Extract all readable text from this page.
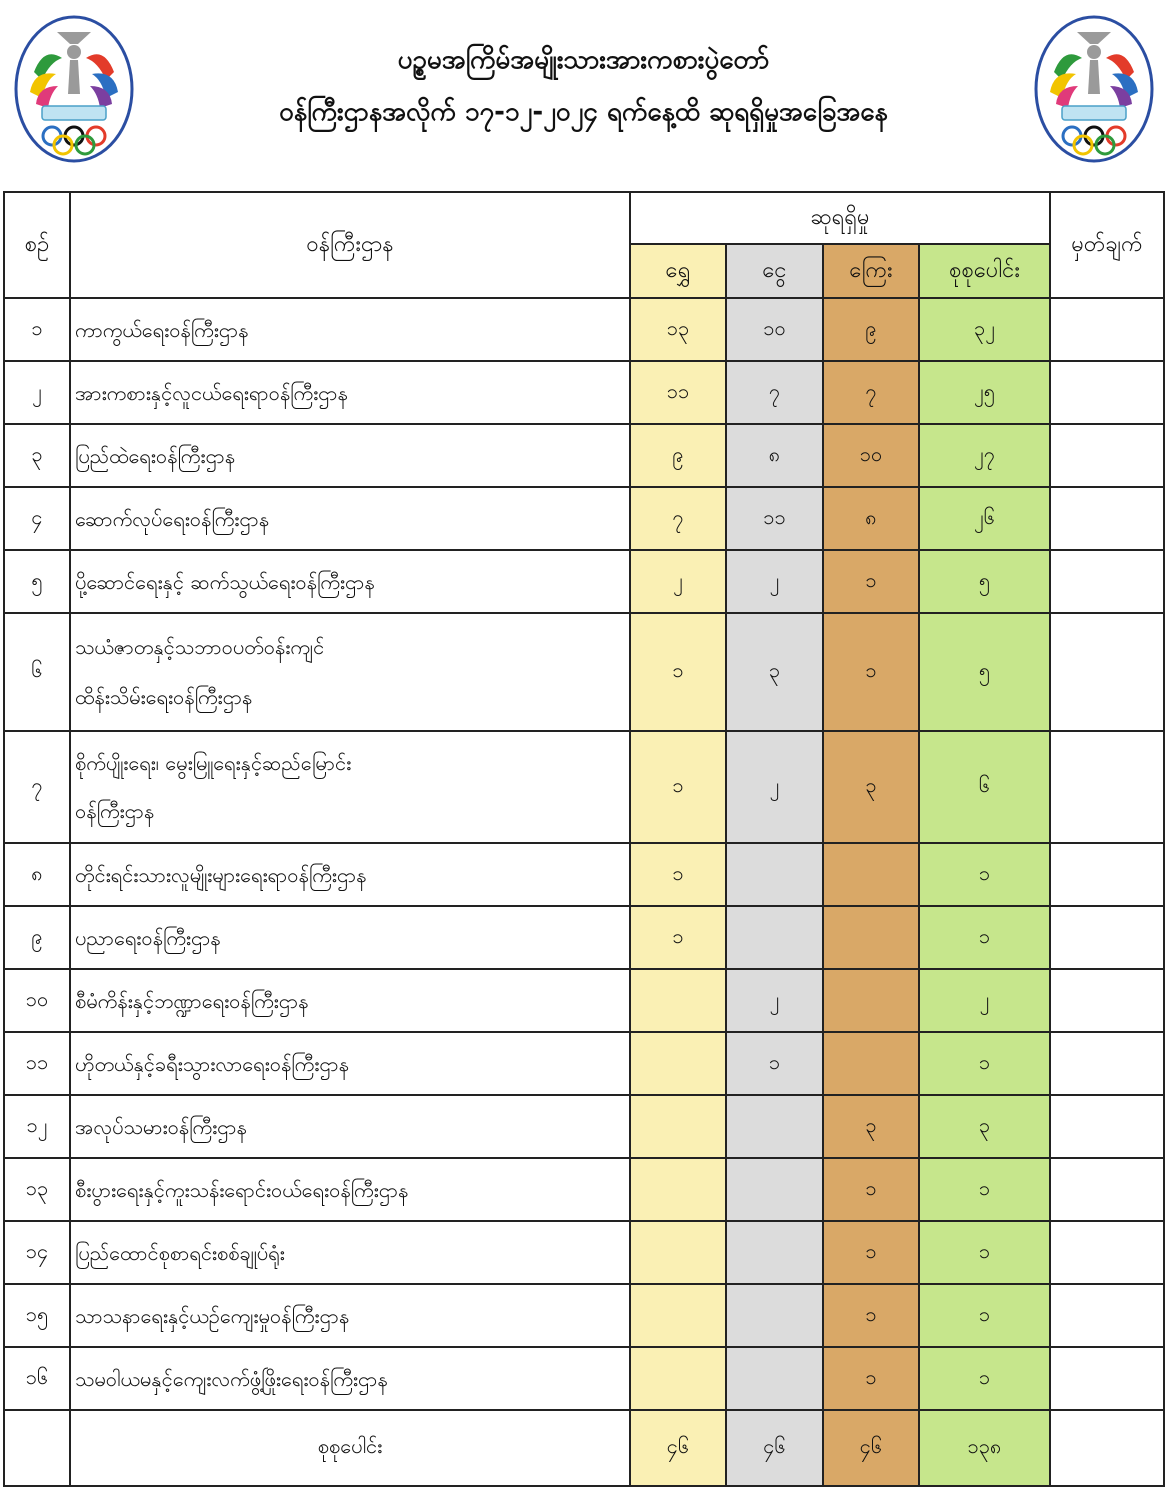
ပဉ္စမအကြိမ်အမျိုးသားအားကစားပွဲတော်
ဝန်ကြီးဌာနအလိုက် ၁၇-၁၂-၂၀၂၄ ရက်နေ့ထိ ဆုရရှိမှုအခြေအနေ
စဉ်	ဝန်ကြီးဌာန	ဆုရရှိမှု				မှတ်ချက်
		ရွှေ	ငွေ	ကြေး	စုစုပေါင်း	
၁	ကာကွယ်ရေးဝန်ကြီးဌာန	၁၃	၁၀	၉	၃၂	
၂	အားကစားနှင့်လူငယ်ရေးရာဝန်ကြီးဌာန	၁၁	၇	၇	၂၅	
၃	ပြည်ထဲရေးဝန်ကြီးဌာန	၉	၈	၁၀	၂၇	
၄	ဆောက်လုပ်ရေးဝန်ကြီးဌာန	၇	၁၁	၈	၂၆	
၅	ပို့ဆောင်ရေးနှင့် ဆက်သွယ်ရေးဝန်ကြီးဌာန	၂	၂	၁	၅	
၆	သယံဇာတနှင့်သဘာဝပတ်ဝန်းကျင်
ထိန်းသိမ်းရေးဝန်ကြီးဌာန	၁	၃	၁	၅	
၇	စိုက်ပျိုးရေး၊ မွေးမြူရေးနှင့်ဆည်မြောင်း
ဝန်ကြီးဌာန	၁	၂	၃	၆	
၈	တိုင်းရင်းသားလူမျိုးများရေးရာဝန်ကြီးဌာန	၁			၁	
၉	ပညာရေးဝန်ကြီးဌာန	၁			၁	
၁၀	စီမံကိန်းနှင့်ဘဏ္ဍာရေးဝန်ကြီးဌာန		၂		၂	
၁၁	ဟိုတယ်နှင့်ခရီးသွားလာရေးဝန်ကြီးဌာန		၁		၁	
၁၂	အလုပ်သမားဝန်ကြီးဌာန			၃	၃	
၁၃	စီးပွားရေးနှင့်ကူးသန်းရောင်းဝယ်ရေးဝန်ကြီးဌာန			၁	၁	
၁၄	ပြည်ထောင်စုစာရင်းစစ်ချုပ်ရုံး			၁	၁	
၁၅	သာသနာရေးနှင့်ယဉ်ကျေးမှုဝန်ကြီးဌာန			၁	၁	
၁၆	သမဝါယမနှင့်ကျေးလက်ဖွံ့ဖြိုးရေးဝန်ကြီးဌာန			၁	၁	
	စုစုပေါင်း	၄၆	၄၆	၄၆	၁၃၈	
